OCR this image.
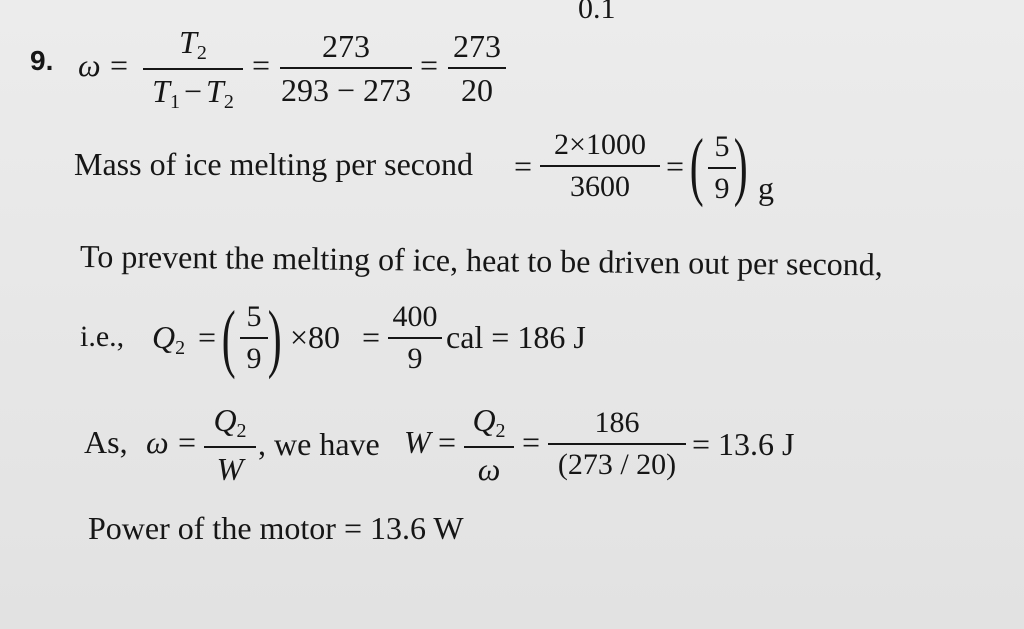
0.1
9. ω =
$T_2$
$T_1 - T_2$
=
273
293 − 273
=
273
20
Mass of ice melting per second =
2×1000
3600
= ( 5
9 ) g
To prevent the melting of ice, heat to be driven out per second,
i.e., $Q_2$ = ( 5
9 ) ×80 =
400
9
cal = 186 J
As, ω =
$Q_2$
W
, we have W =
$Q_2$
ω
=
186
(273 / 20)
= 13.6 J
Power of the motor = 13.6 W
